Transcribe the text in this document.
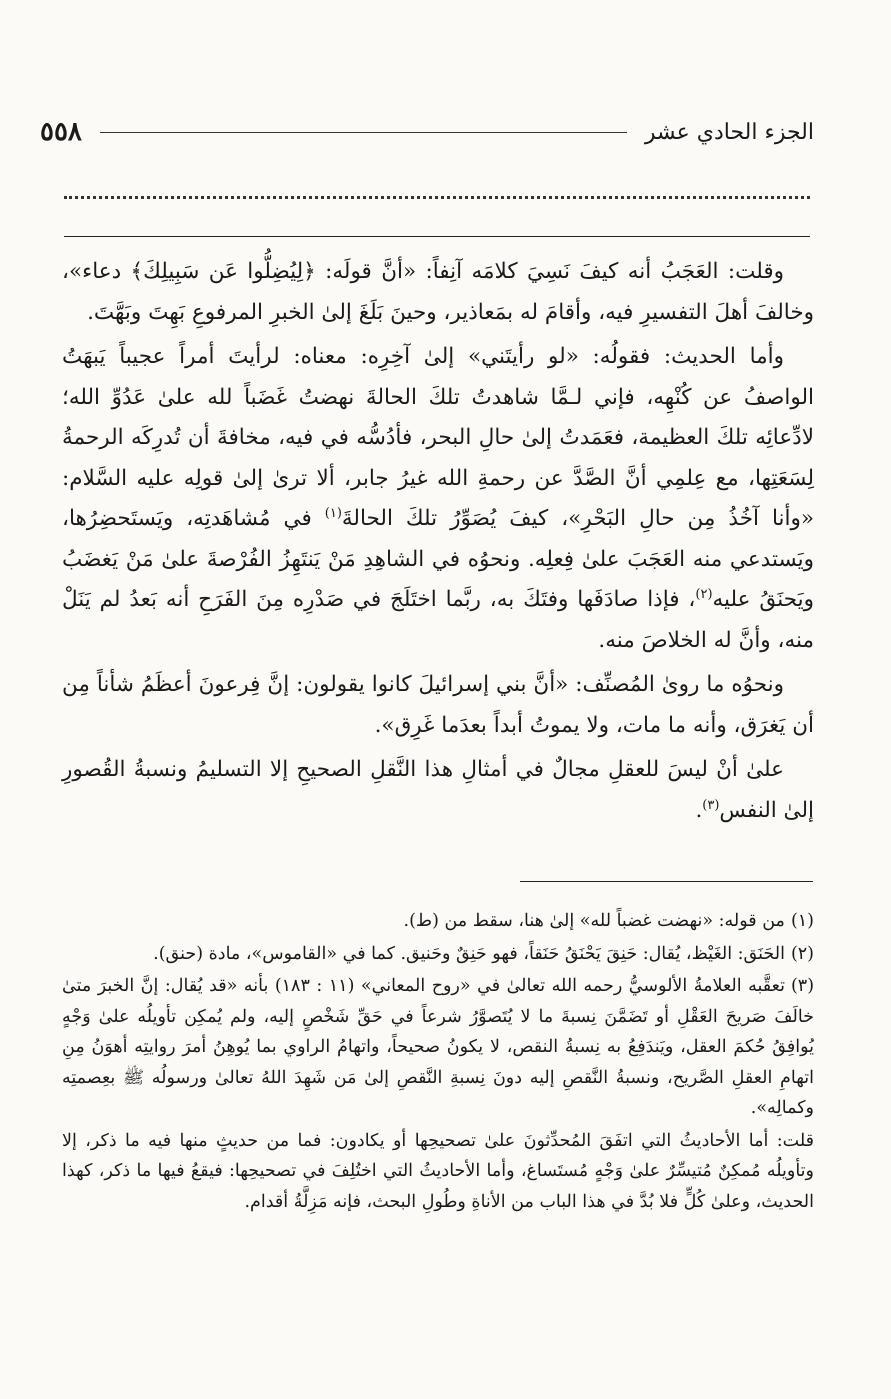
٥٥٨	الجزء الحادي عشر

وقلت: العَجَبُ أنه كيفَ نَسِيَ كلامَه آنِفاً: «أنَّ قولَه: ﴿لِيُضِلُّوا عَن سَبِيلِكَ﴾ دعاء»، وخالفَ أهلَ التفسيرِ فيه، وأقامَ له بمَعاذير، وحينَ بَلَغَ إلىٰ الخبرِ المرفوعِ بَهِتَ وبَهَّتَ.

وأما الحديث: فقولُه: «لو رأيتَني» إلىٰ آخِرِه: معناه: لرأيتَ أمراً عجيباً يَبهَتُ الواصفُ عن كُنْهِه، فإني لـمَّا شاهدتُ تلكَ الحالةَ نهضتُ غَضَباً لله علىٰ عَدُوِّ الله؛ لادِّعائِه تلكَ العظيمة، فعَمَدتُ إلىٰ حالِ البحر، فأدُسُّه في فيه، مخافةَ أن تُدرِكَه الرحمةُ لِسَعَتِها، مع عِلمِي أنَّ الصَّدَّ عن رحمةِ الله غيرُ جابر، ألا ترىٰ إلىٰ قولِه عليه السَّلام: «وأنا آخُذُ مِن حالِ البَحْرِ»، كيفَ يُصَوِّرُ تلكَ الحالةَ$^{(١)}$ في مُشاهَدتِه، ويَستَحضِرُها، ويَستدعي منه العَجَبَ علىٰ فِعلِه. ونحوُه في الشاهِدِ مَنْ يَنتَهِزُ الفُرْصةَ علىٰ مَنْ يَغضَبُ ويَحنَقُ عليه$^{(٢)}$، فإذا صادَفَها وفتَكَ به، ربَّما اختَلَجَ في صَدْرِه مِنَ الفَرَحِ أنه بَعدُ لم يَنَلْ منه، وأنَّ له الخلاصَ منه.

ونحوُه ما روىٰ المُصنِّف: «أنَّ بني إسرائيلَ كانوا يقولون: إنَّ فِرعونَ أعظَمُ شأناً مِن أن يَغرَق، وأنه ما مات، ولا يموتُ أبداً بعدَما غَرِق».

علىٰ أنْ ليسَ للعقلِ مجالٌ في أمثالِ هذا النَّقلِ الصحيحِ إلا التسليمُ ونسبةُ القُصورِ إلىٰ النفس$^{(٣)}$.

(١)من قوله: «نهضت غضباً لله» إلىٰ هنا، سقط من (ط).

(٢)الحَنَق: الغَيْظ، يُقال: حَنِقَ يَحْنَقُ حَنَقاً، فهو حَنِقٌ وحَنيق. كما في «القاموس»، مادة (حنق).

(٣)تعقَّبه العلامةُ الألوسيُّ رحمه الله تعالىٰ في «روح المعاني» (١١ : ١٨٣) بأنه «قد يُقال: إنَّ الخبرَ متىٰ خالَفَ صَريحَ العَقْلِ أو تَضَمَّنَ نِسبةَ ما لا يُتَصوَّرُ شرعاً في حَقِّ شَخْصٍ إليه، ولم يُمكِن تأويلُه علىٰ وَجْهٍ يُوافِقُ حُكمَ العقل، ويَندَفِعُ به نِسبةُ النقص، لا يكونُ صحيحاً، واتهامُ الراوي بما يُوهِنُ أمرَ روايتِه أهوَنُ مِنِ اتهامِ العقلِ الصَّريح، ونسبةُ النَّقصِ إليه دونَ نِسبةِ النَّقصِ إلىٰ مَن شَهِدَ اللهُ تعالىٰ ورسولُه ﷺ بعِصمتِه وكمالِه».

قلت: أما الأحاديثُ التي اتفَقَ المُحدِّثونَ علىٰ تصحيحِها أو يكادون: فما من حديثٍ منها فيه ما ذكر، إلا وتأويلُه مُمكِنٌ مُتيسِّرٌ علىٰ وَجْهٍ مُستَساغ، وأما الأحاديثُ التي اختُلِفَ في تصحيحِها: فيقعُ فيها ما ذكر، كهذا الحديث، وعلىٰ كُلٍّ فلا بُدَّ في هذا الباب من الأناةِ وطُولِ البحث، فإنه مَزِلَّةُ أقدام.
